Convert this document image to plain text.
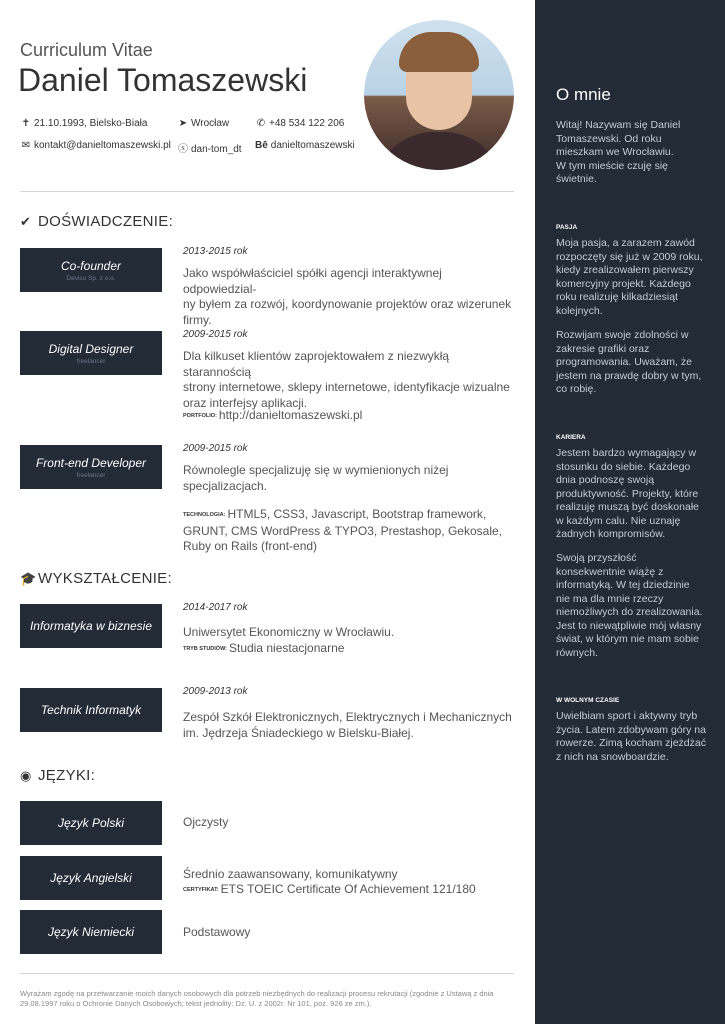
Curriculum Vitae
Daniel Tomaszewski
✝ 21.10.1993, Bielsko-Biała	➤ Wrocław	✆ +48 534 122 206
✉ kontakt@danieltomaszewski.pl ⓢ dan-tom_dt Bē danieltomaszewski
✔ DOŚWIADCZENIE:
Co-founder
Devisu Sp. z o.o.
2013-2015 rok
Jako współwłaściciel spółki agencji interaktywnej odpowiedzial-
ny byłem za rozwój, koordynowanie projektów oraz wizerunek
firmy.
Digital Designer
freelancer
2009-2015 rok
Dla kilkuset klientów zaprojektowałem z niezwykłą starannością
strony internetowe, sklepy internetowe, identyfikacje wizualne
oraz interfejsy aplikacji.
PORTFOLIO: http://danieltomaszewski.pl
Front-end Developer
freelancer
2009-2015 rok
Równolegle specjalizuję się w wymienionych niżej
specjalizacjach.
TECHNOLOGIA: HTML5, CSS3, Javascript, Bootstrap framework,
GRUNT, CMS WordPress & TYPO3, Prestashop, Gekosale,
Ruby on Rails (front-end)
🎓 WYKSZTAŁCENIE:
Informatyka w biznesie
2014-2017 rok
Uniwersytet Ekonomiczny w Wrocławiu.
TRYB STUDIÓW: Studia niestacjonarne
Technik Informatyk
2009-2013 rok
Zespół Szkół Elektronicznych, Elektrycznych i Mechanicznych
im. Jędrzeja Śniadeckiego w Bielsku-Białej.
◉ JĘZYKI:
Język Polski	Ojczysty
Język Angielski	Średnio zaawansowany, komunikatywny
CERTYFIKAT: ETS TOEIC Certificate Of Achievement 121/180
Język Niemiecki	Podstawowy
Wyrażam zgodę na przetwarzanie moich danych osobowych dla potrzeb niezbędnych do realizacji procesu rekrutacji (zgodnie z Ustawą z dnia
29.08.1997 roku o Ochronie Danych Osobowych; tekst jednolity: Dz. U. z 2002r. Nr 101, poz. 926 ze zm.).
O mnie
Witaj! Nazywam się Daniel
Tomaszewski. Od roku
mieszkam we Wrocławiu.
W tym mieście czuję się
świetnie.
PASJA
Moja pasja, a zarazem zawód
rozpoczęty się już w 2009 roku,
kiedy zrealizowałem pierwszy
komercyjny projekt. Każdego
roku realizuję kilkadziesiąt
kolejnych.
Rozwijam swoje zdolności w
zakresie grafiki oraz
programowania. Uważam, że
jestem na prawdę dobry w tym,
co robię.
KARIERA
Jestem bardzo wymagający w
stosunku do siebie. Każdego
dnia podnoszę swoją
produktywność. Projekty, które
realizuję muszą być doskonałe
w każdym calu. Nie uznaję
żadnych kompromisów.
Swoją przyszłość
konsekwentnie wiążę z
informatyką. W tej dziedzinie
nie ma dla mnie rzeczy
niemożliwych do zrealizowania.
Jest to niewątpliwie mój własny
świat, w którym nie mam sobie
równych.
W WOLNYM CZASIE
Uwielbiam sport i aktywny tryb
życia. Latem zdobywam góry na
rowerze. Zimą kocham zjeżdżać
z nich na snowboardzie.
